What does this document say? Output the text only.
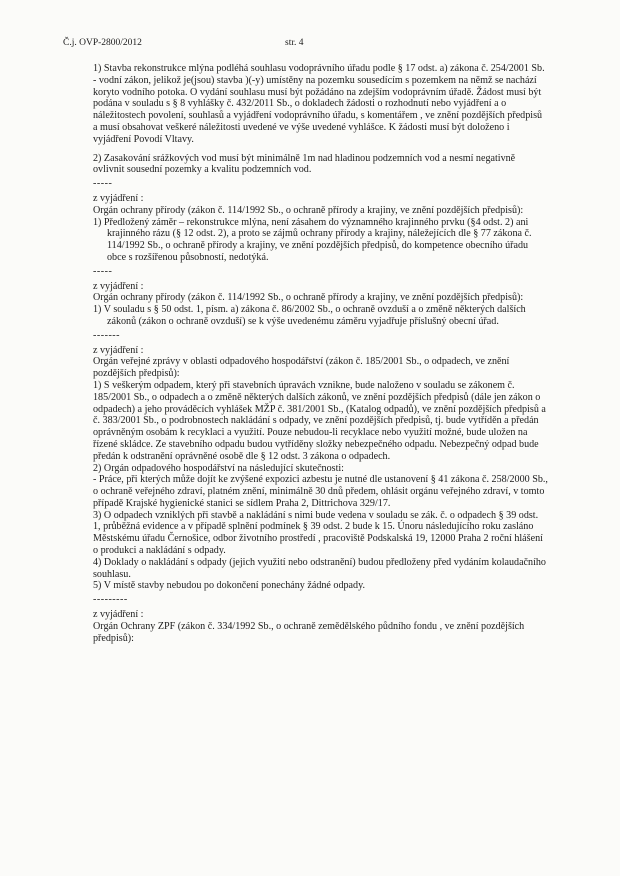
Č.j. OVP-2800/2012	str. 4

1) Stavba rekonstrukce mlýna podléhá souhlasu vodoprávního úřadu podle § 17 odst. a) zákona č. 254/2001 Sb. - vodní zákon, jelikož je(jsou) stavba )(-y) umístěny na pozemku sousedícím s pozemkem na němž se nachází koryto vodního potoka. O vydání souhlasu musí být požádáno na zdejším vodoprávním úřadě. Žádost musí být podána v souladu s § 8 vyhlášky č. 432/2011 Sb., o dokladech žádosti o rozhodnutí nebo vyjádření a o náležitostech povolení, souhlasů a vyjádření vodoprávního úřadu, s komentářem , ve znění pozdějších předpisů a musí obsahovat veškeré náležitosti uvedené ve výše uvedené vyhlášce. K žádosti musí být doloženo i vyjádření Povodí Vltavy.

2) Zasakování srážkových vod musí být minimálně 1m nad hladinou podzemních vod a nesmí negativně ovlivnit sousední pozemky a kvalitu podzemních vod.

-----

z vyjádření :

Orgán ochrany přírody (zákon č. 114/1992 Sb., o ochraně přírody a krajiny, ve znění pozdějších předpisů):

1) Předložený záměr – rekonstrukce mlýna, není zásahem do významného krajinného prvku (§4 odst. 2) ani krajinného rázu (§ 12 odst. 2), a proto se zájmů ochrany přírody a krajiny, náležejících dle § 77 zákona č. 114/1992 Sb., o ochraně přírody a krajiny, ve znění pozdějších předpisů, do kompetence obecního úřadu obce s rozšířenou působností, nedotýká.

-----

z vyjádření :

Orgán ochrany přírody (zákon č. 114/1992 Sb., o ochraně přírody a krajiny, ve znění pozdějších předpisů):

1) V souladu s § 50 odst. 1, písm. a) zákona č. 86/2002 Sb., o ochraně ovzduší a o změně některých dalších zákonů (zákon o ochraně ovzduší) se k výše uvedenému záměru vyjadřuje příslušný obecní úřad.

-------

z vyjádření :

Orgán veřejné zprávy v oblasti odpadového hospodářství (zákon č. 185/2001 Sb., o odpadech, ve znění pozdějších předpisů):

1) S veškerým odpadem, který při stavebních úpravách vznikne, bude naloženo v souladu se zákonem č. 185/2001 Sb., o odpadech a o změně některých dalších zákonů, ve znění pozdějších předpisů (dále jen zákon o odpadech) a jeho prováděcích vyhlášek MŽP č. 381/2001 Sb., (Katalog odpadů), ve znění pozdějších předpisů a č. 383/2001 Sb., o podrobnostech nakládání s odpady, ve znění pozdějších předpisů, tj. bude vytříděn a předán oprávněným osobám k recyklaci a využití. Pouze nebudou-li recyklace nebo využití možné, bude uložen na řízené skládce. Ze stavebního odpadu budou vytříděny složky nebezpečného odpadu. Nebezpečný odpad bude předán k odstranění oprávněné osobě dle § 12 odst. 3 zákona o odpadech.

2) Orgán odpadového hospodářství na následující skutečnosti:

- Práce, při kterých může dojít ke zvýšené expozici azbestu je nutné dle ustanovení § 41 zákona č. 258/2000 Sb., o ochraně veřejného zdraví, platném znění, minimálně 30 dnů předem, ohlásit orgánu veřejného zdraví, v tomto případě Krajské hygienické stanici se sídlem Praha 2, Dittrichova 329/17.

3) O odpadech vzniklých při stavbě a nakládání s nimi bude vedena v souladu se zák. č. o odpadech § 39 odst. 1, průběžná evidence a v případě splnění podmínek § 39 odst. 2 bude k 15. Únoru následujícího roku zasláno Městskému úřadu Černošice, odbor životního prostředí , pracoviště Podskalská 19, 12000 Praha 2 roční hlášení o produkci a nakládání s odpady.

4) Doklady o nakládání s odpady (jejich využití nebo odstranění) budou předloženy před vydáním kolaudačního souhlasu.

5) V místě stavby nebudou po dokončení ponechány žádné odpady.

---------

z vyjádření :

Orgán Ochrany ZPF (zákon č. 334/1992 Sb., o ochraně zemědělského půdního fondu , ve znění pozdějších předpisů):
